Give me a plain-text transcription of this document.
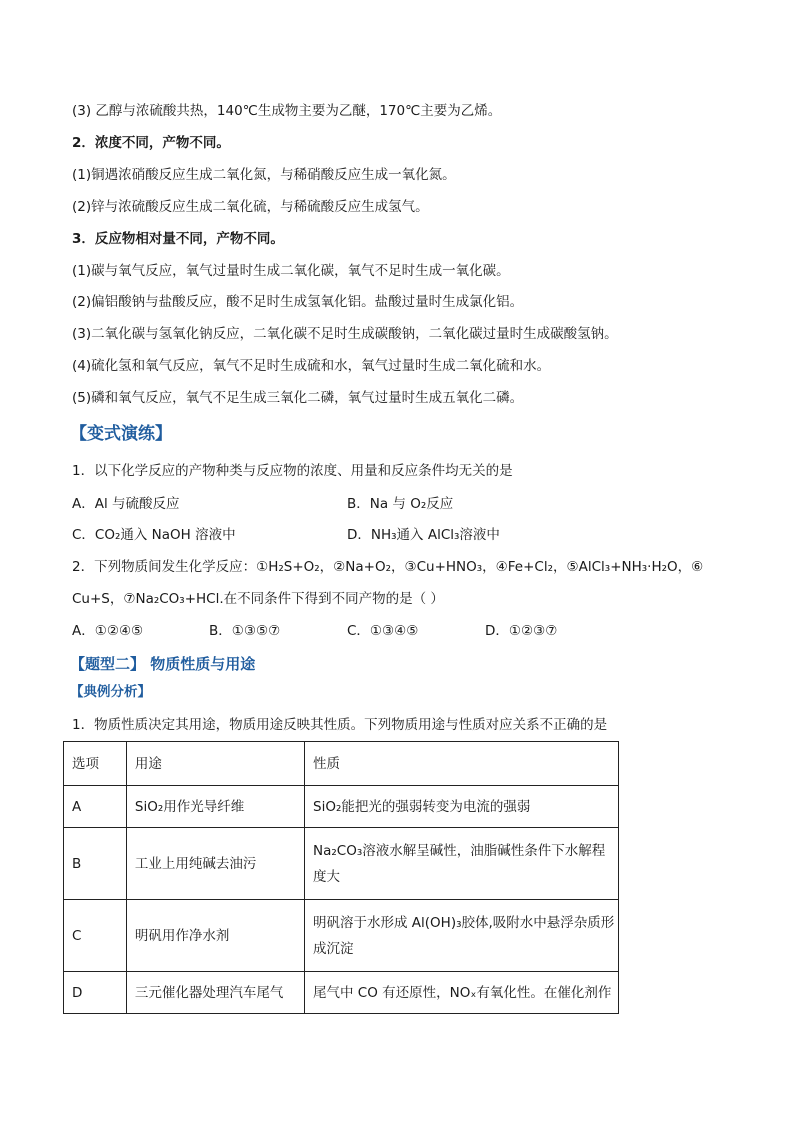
(3) 乙醇与浓硫酸共热，140℃生成物主要为乙醚，170℃主要为乙烯。
2．浓度不同，产物不同。
(1)铜遇浓硝酸反应生成二氧化氮，与稀硝酸反应生成一氧化氮。
(2)锌与浓硫酸反应生成二氧化硫，与稀硫酸反应生成氢气。
3．反应物相对量不同，产物不同。
(1)碳与氧气反应，氧气过量时生成二氧化碳，氧气不足时生成一氧化碳。
(2)偏铝酸钠与盐酸反应，酸不足时生成氢氧化铝。盐酸过量时生成氯化铝。
(3)二氧化碳与氢氧化钠反应，二氧化碳不足时生成碳酸钠，二氧化碳过量时生成碳酸氢钠。
(4)硫化氢和氧气反应，氧气不足时生成硫和水，氧气过量时生成二氧化硫和水。
(5)磷和氧气反应，氧气不足生成三氧化二磷，氧气过量时生成五氧化二磷。
【变式演练】
1．以下化学反应的产物种类与反应物的浓度、用量和反应条件均无关的是
A．Al 与硫酸反应	B．Na 与 O₂反应
C．CO₂通入 NaOH 溶液中	D．NH₃通入 AlCl₃溶液中
2．下列物质间发生化学反应：①H₂S+O₂，②Na+O₂，③Cu+HNO₃，④Fe+Cl₂，⑤AlCl₃+NH₃·H₂O，⑥
Cu+S，⑦Na₂CO₃+HCl.在不同条件下得到不同产物的是（ ）
A．①②④⑤	B．①③⑤⑦	C．①③④⑤	D．①②③⑦
【题型二】 物质性质与用途
【典例分析】
1．物质性质决定其用途，物质用途反映其性质。下列物质用途与性质对应关系不正确的是
选项	用途	性质
A	SiO₂用作光导纤维	SiO₂能把光的强弱转变为电流的强弱
B	工业上用纯碱去油污	Na₂CO₃溶液水解呈碱性，油脂碱性条件下水解程度大
C	明矾用作净水剂	明矾溶于水形成 Al(OH)₃胶体,吸附水中悬浮杂质形成沉淀
D	三元催化器处理汽车尾气	尾气中 CO 有还原性，NOₓ有氧化性。在催化剂作
